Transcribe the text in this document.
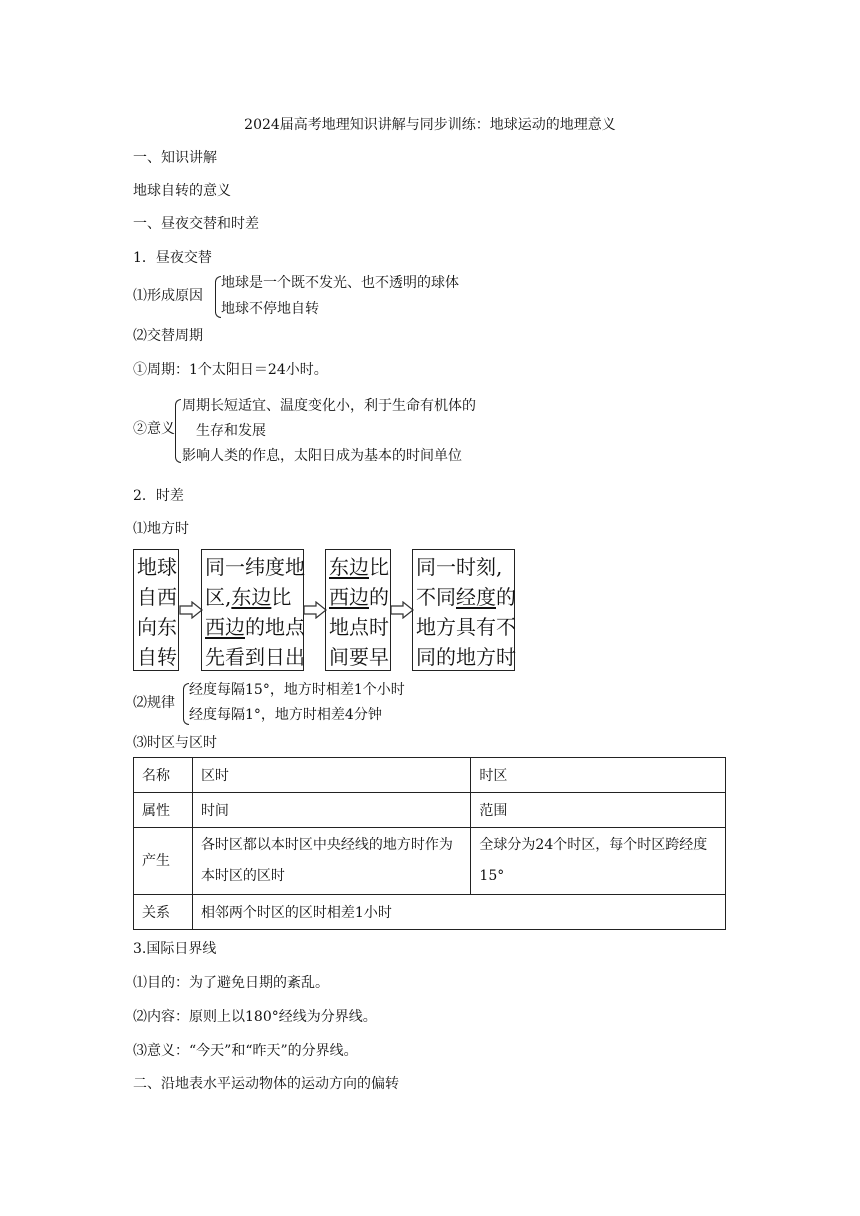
2024届高考地理知识讲解与同步训练：地球运动的地理意义
一、知识讲解
地球自转的意义
一、昼夜交替和时差
1．昼夜交替
⑴形成原因
地球是一个既不发光、也不透明的球体
地球不停地自转
⑵交替周期
①周期：1个太阳日＝24小时。
②意义
周期长短适宜、温度变化小，利于生命有机体的
生存和发展
影响人类的作息，太阳日成为基本的时间单位
2．时差
⑴地方时
地球
自西
向东
自转
同一纬度地
区,东边比
西边的地点
先看到日出
东边比
西边的
地点时
间要早
同一时刻,
不同经度的
地方具有不
同的地方时
⑵规律
经度每隔15°，地方时相差1个小时
经度每隔1°，地方时相差4分钟
⑶时区与区时
名称	区时	时区
属性	时间	范围
产生	各时区都以本时区中央经线的地方时作为本时区的区时	全球分为24个时区，每个时区跨经度15°
关系	相邻两个时区的区时相差1小时	
3.国际日界线
⑴目的：为了避免日期的紊乱。
⑵内容：原则上以180°经线为分界线。
⑶意义：“今天”和“昨天”的分界线。
二、沿地表水平运动物体的运动方向的偏转
